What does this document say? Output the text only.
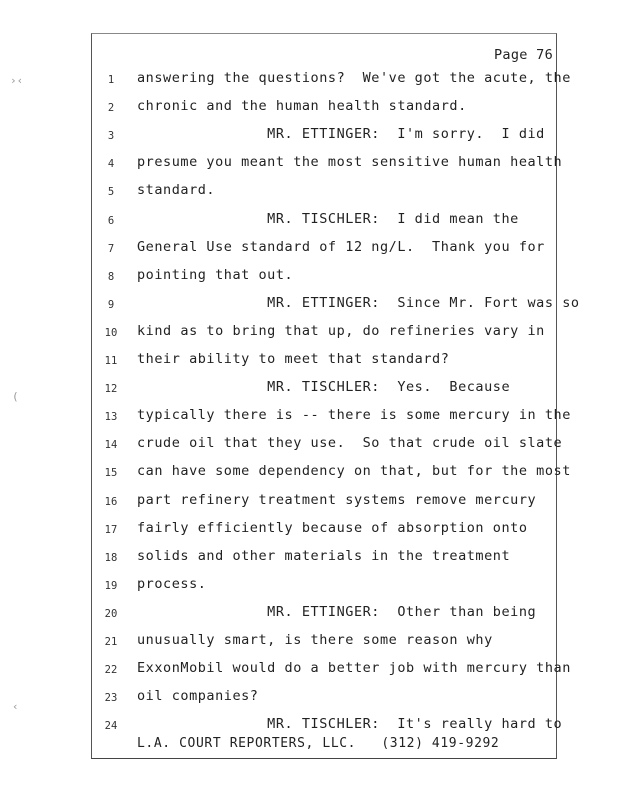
›‹
(
‹
Page 76
1	answering the questions?  We've got the acute, the
2	chronic and the human health standard.
3	MR. ETTINGER:  I'm sorry.  I did
4	presume you meant the most sensitive human health
5	standard.
6	MR. TISCHLER:  I did mean the
7	General Use standard of 12 ng/L.  Thank you for
8	pointing that out.
9	MR. ETTINGER:  Since Mr. Fort was so
10	kind as to bring that up, do refineries vary in
11	their ability to meet that standard?
12	MR. TISCHLER:  Yes.  Because
13	typically there is -- there is some mercury in the
14	crude oil that they use.  So that crude oil slate
15	can have some dependency on that, but for the most
16	part refinery treatment systems remove mercury
17	fairly efficiently because of absorption onto
18	solids and other materials in the treatment
19	process.
20	MR. ETTINGER:  Other than being
21	unusually smart, is there some reason why
22	ExxonMobil would do a better job with mercury than
23	oil companies?
24	MR. TISCHLER:  It's really hard to
L.A. COURT REPORTERS, LLC.   (312) 419-9292
